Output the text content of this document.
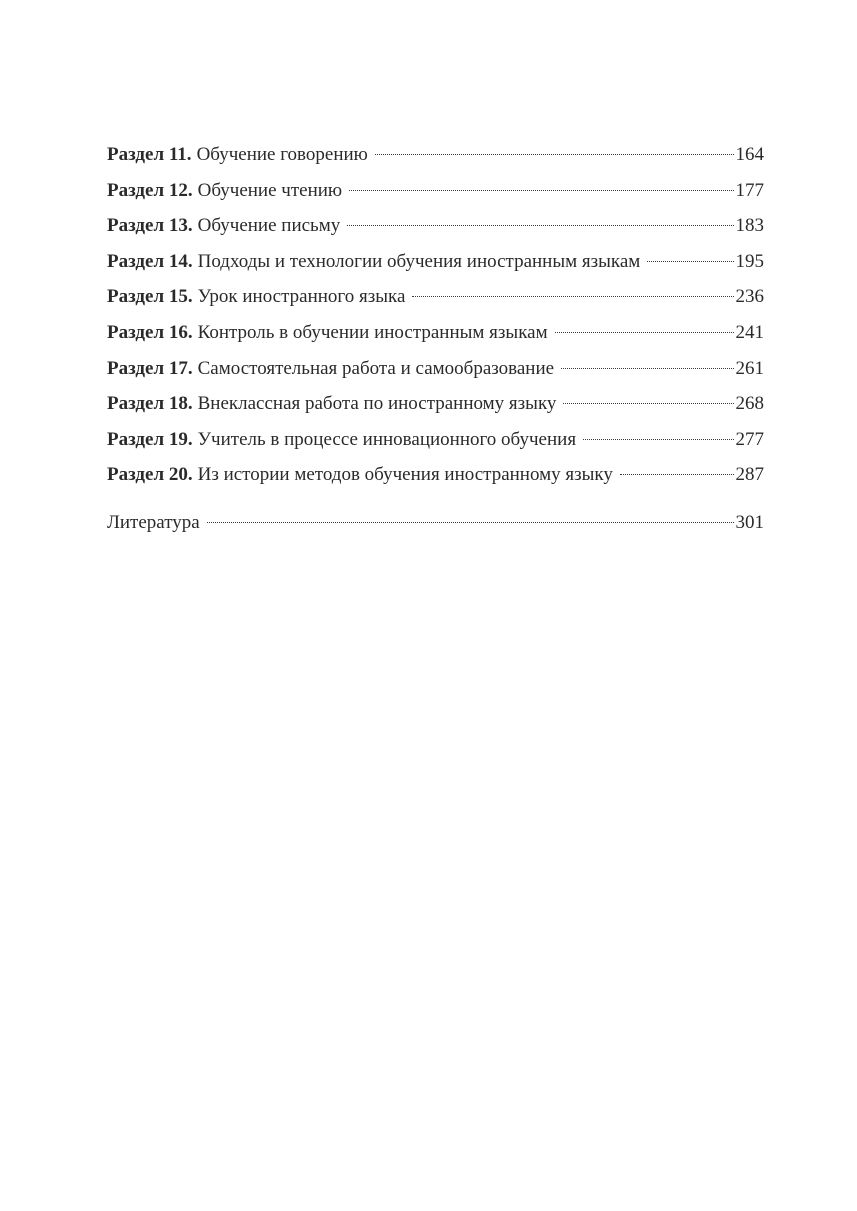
Раздел 11. Обучение говорению	164
Раздел 12. Обучение чтению	177
Раздел 13. Обучение письму	183
Раздел 14. Подходы и технологии обучения иностранным языкам	195
Раздел 15. Урок иностранного языка	236
Раздел 16. Контроль в обучении иностранным языкам	241
Раздел 17. Самостоятельная работа и самообразование	261
Раздел 18. Внеклассная работа по иностранному языку	268
Раздел 19. Учитель в процессе инновационного обучения	277
Раздел 20. Из истории методов обучения иностранному языку	287
Литература	301
